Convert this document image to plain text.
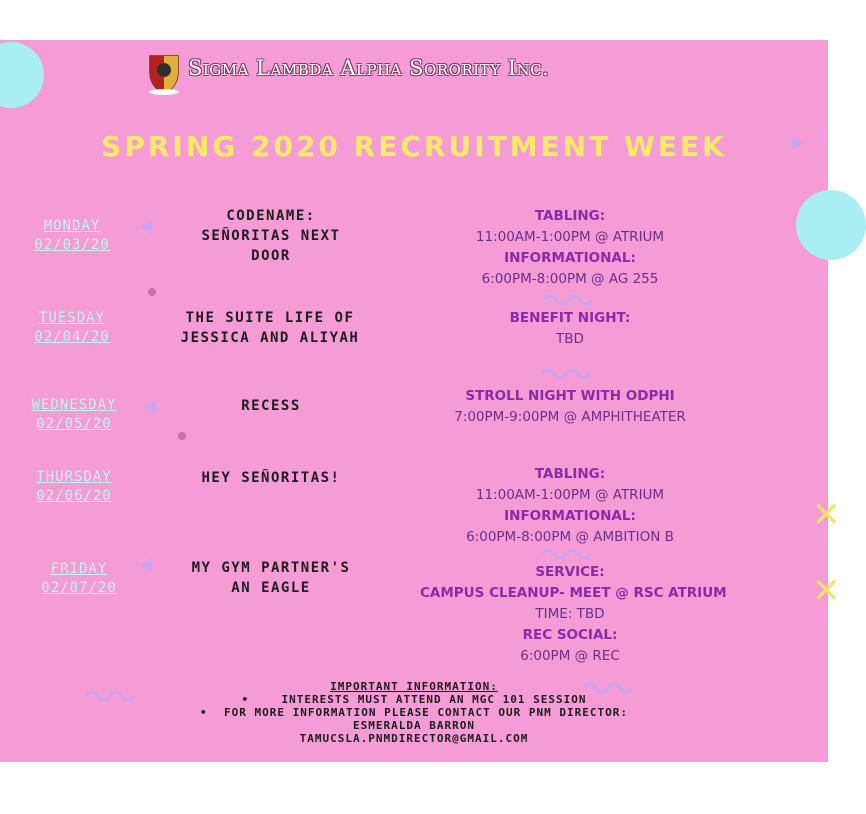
✕
✕
Sigma Lambda Alpha Sorority Inc.
SPRING 2020 RECRUITMENT WEEK
MONDAY
02/03/20
CODENAME:
SEÑORITAS NEXT
DOOR
TABLING:
11:00AM-1:00PM @ ATRIUM
INFORMATIONAL:
6:00PM-8:00PM @ AG 255
TUESDAY
02/04/20
THE SUITE LIFE OF
JESSICA AND ALIYAH
BENEFIT NIGHT:
TBD
WEDNESDAY
02/05/20
RECESS
STROLL NIGHT WITH ODPHI
7:00PM-9:00PM @ AMPHITHEATER
THURSDAY
02/06/20
HEY SEÑORITAS!	TABLING:
11:00AM-1:00PM @ ATRIUM
INFORMATIONAL:
6:00PM-8:00PM @ AMBITION B
FRIDAY
02/07/20
MY GYM PARTNER'S
AN EAGLE
SERVICE:
CAMPUS CLEANUP- MEET @ RSC ATRIUM
TIME: TBD
REC SOCIAL:
6:00PM @ REC
IMPORTANT INFORMATION:
•	INTERESTS MUST ATTEND AN MGC 101 SESSION
• FOR MORE INFORMATION PLEASE CONTACT OUR PNM DIRECTOR:
ESMERALDA BARRON
TAMUCSLA.PNMDIRECTOR@GMAIL.COM
